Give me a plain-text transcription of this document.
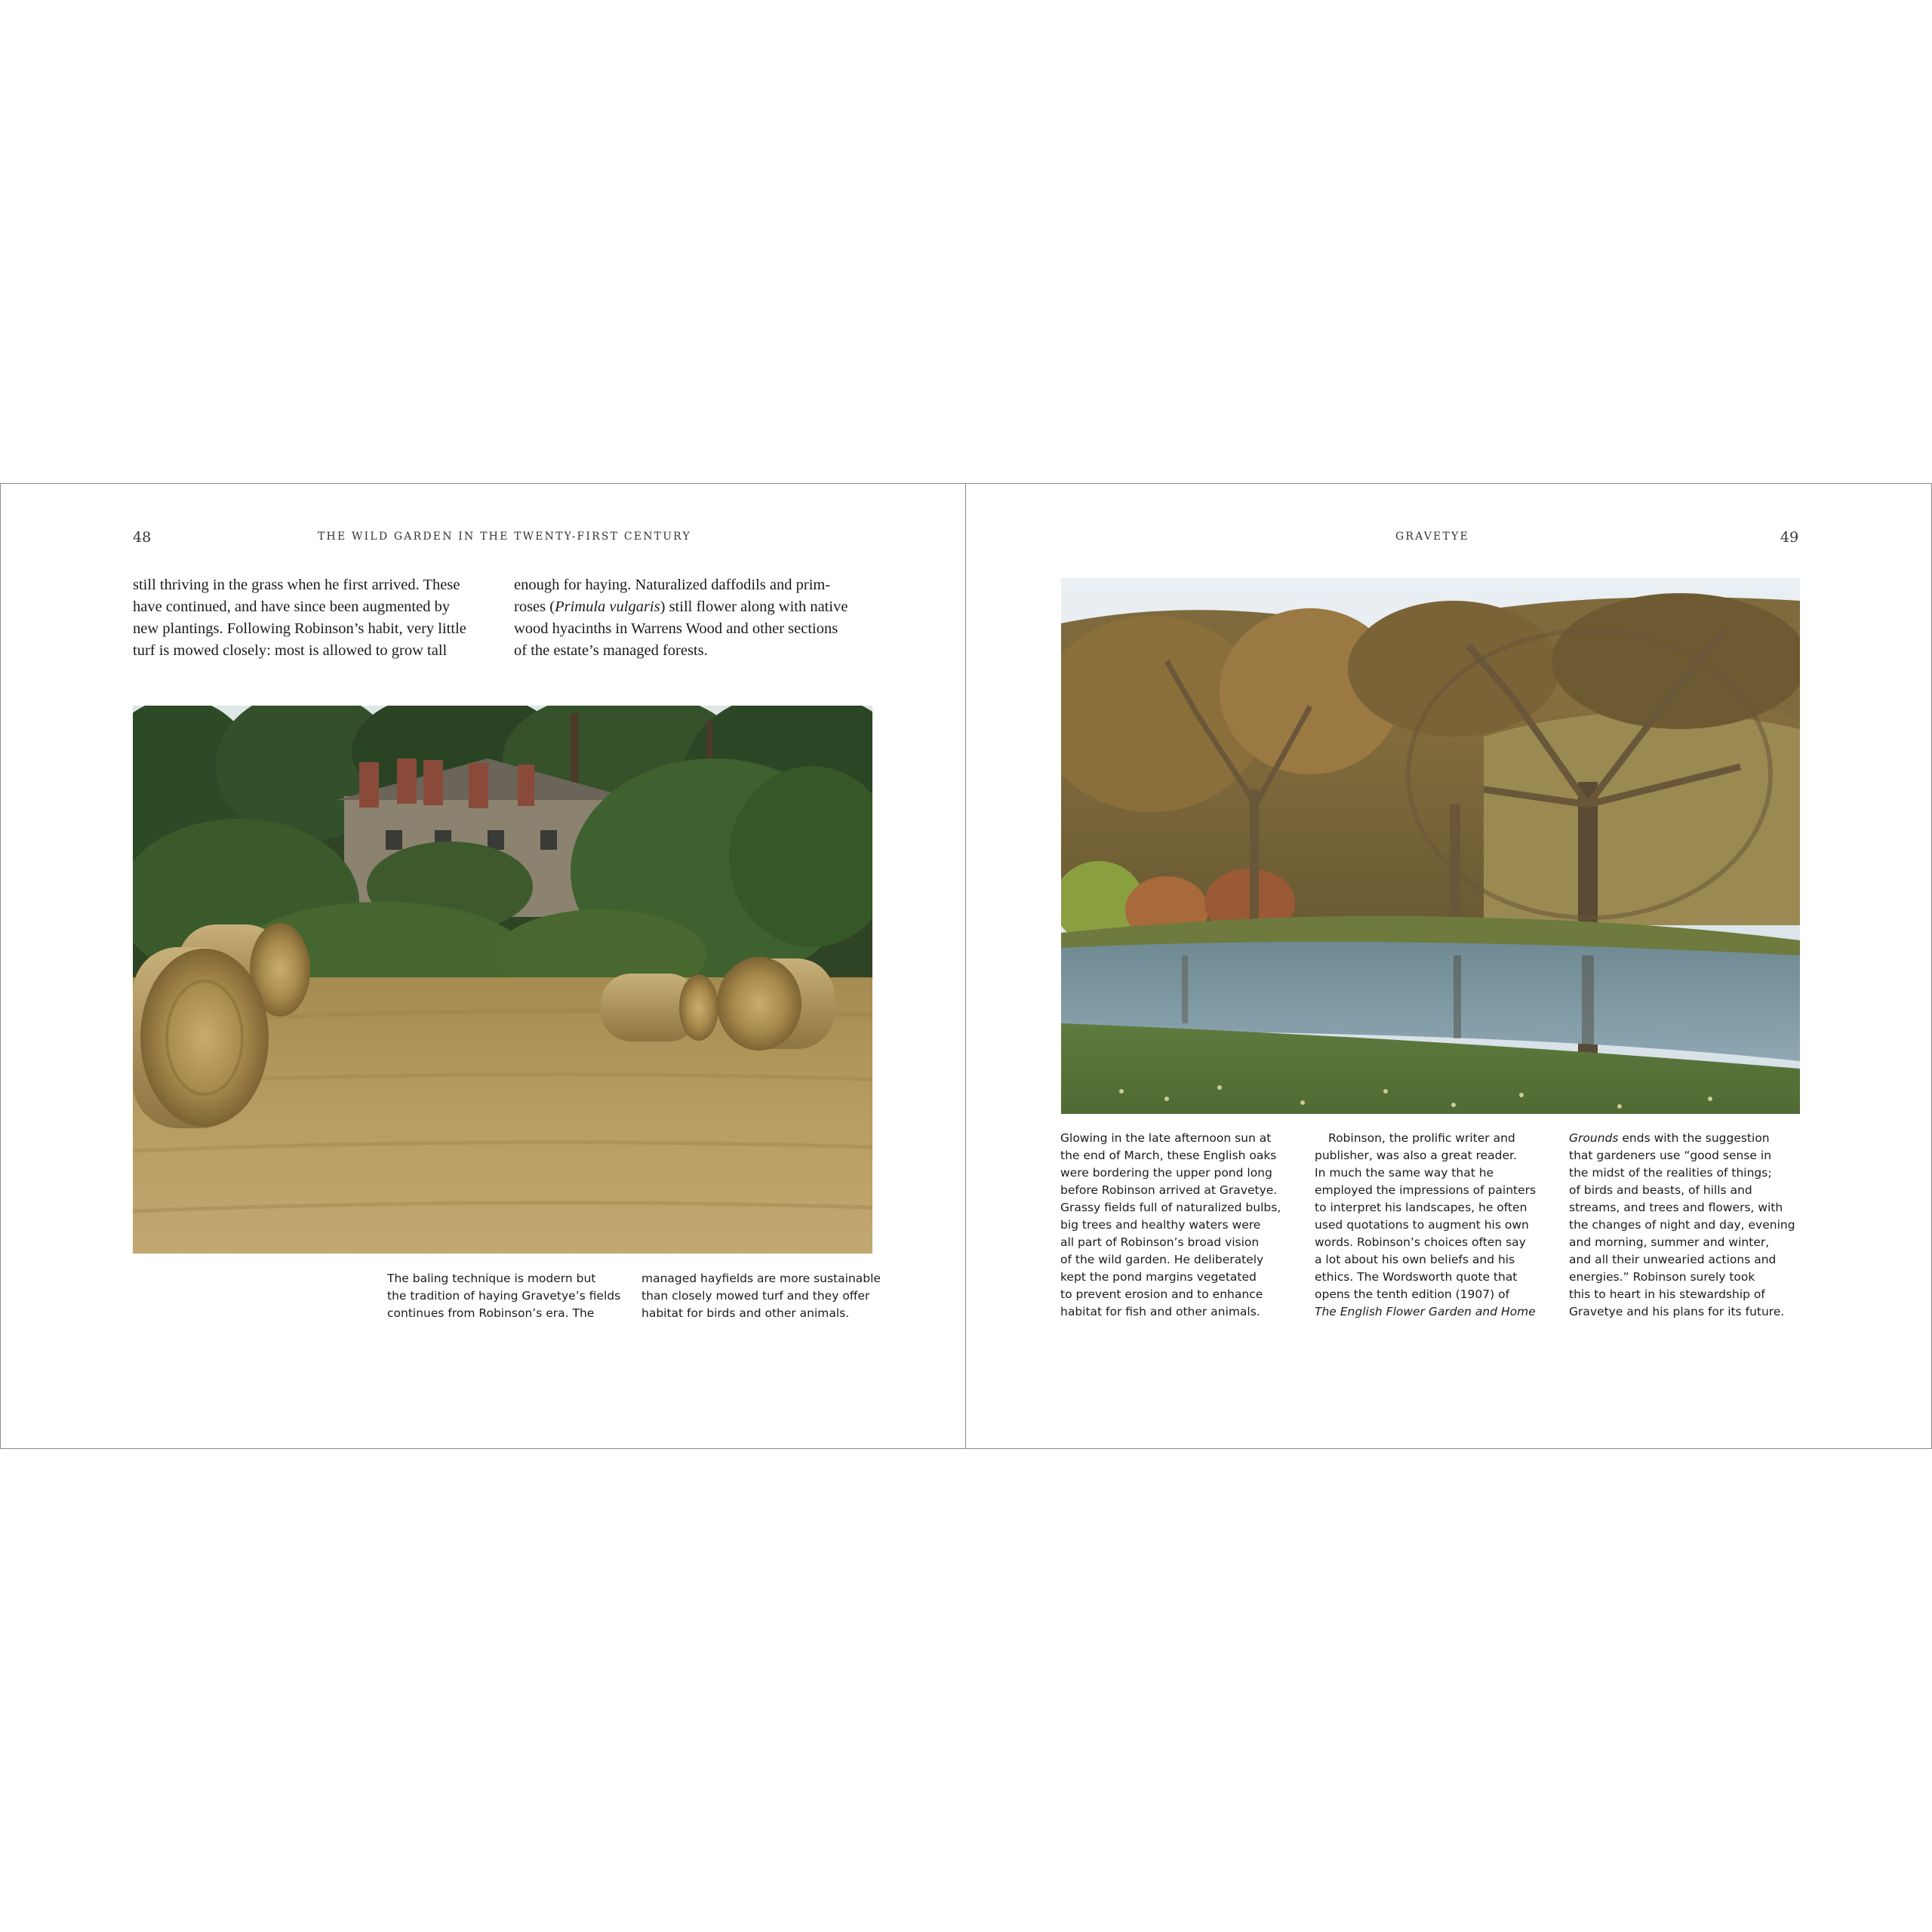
48	THE WILD GARDEN IN THE TWENTY-FIRST CENTURY
still thriving in the grass when he first arrived. These
have continued, and have since been augmented by
new plantings. Following Robinson’s habit, very little
turf is mowed closely: most is allowed to grow tall
enough for haying. Naturalized daffodils and prim-
roses (Primula vulgaris) still flower along with native
wood hyacinths in Warrens Wood and other sections
of the estate’s managed forests.
The baling technique is modern but
the tradition of haying Gravetye’s fields
continues from Robinson’s era. The
managed hayfields are more sustainable
than closely mowed turf and they offer
habitat for birds and other animals.
GRAVETYE	49
Glowing in the late afternoon sun at
the end of March, these English oaks
were bordering the upper pond long
before Robinson arrived at Gravetye.
Grassy fields full of naturalized bulbs,
big trees and healthy waters were
all part of Robinson’s broad vision
of the wild garden. He deliberately
kept the pond margins vegetated
to prevent erosion and to enhance
habitat for fish and other animals.
Robinson, the prolific writer and
publisher, was also a great reader.
In much the same way that he
employed the impressions of painters
to interpret his landscapes, he often
used quotations to augment his own
words. Robinson’s choices often say
a lot about his own beliefs and his
ethics. The Wordsworth quote that
opens the tenth edition (1907) of
The English Flower Garden and Home
Grounds ends with the suggestion
that gardeners use “good sense in
the midst of the realities of things;
of birds and beasts, of hills and
streams, and trees and flowers, with
the changes of night and day, evening
and morning, summer and winter,
and all their unwearied actions and
energies.” Robinson surely took
this to heart in his stewardship of
Gravetye and his plans for its future.
